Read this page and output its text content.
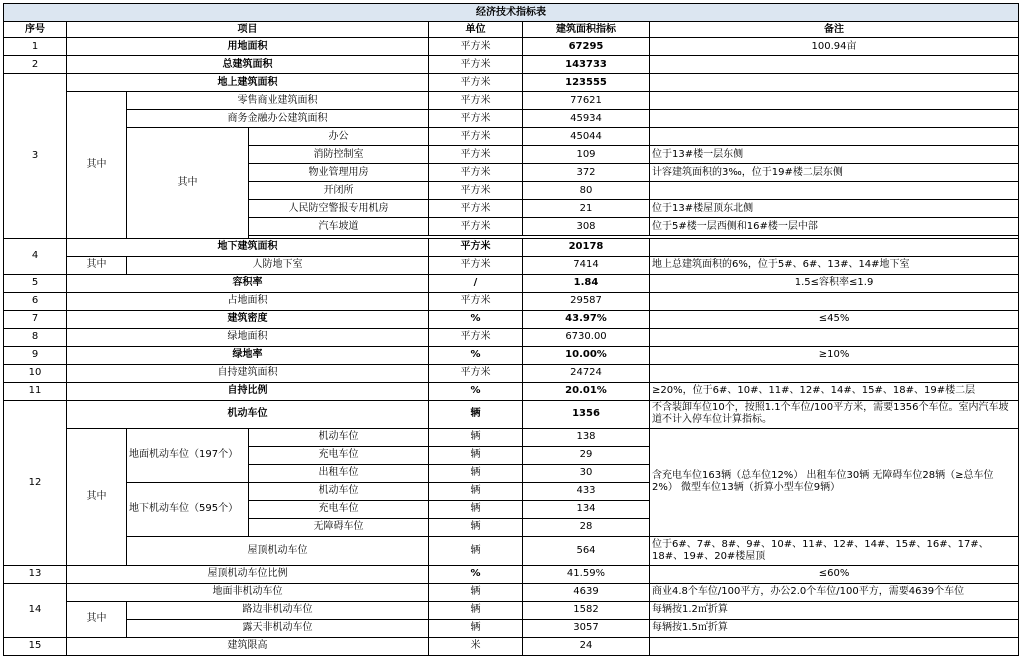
经济技术指标表						
序号	项目			单位	建筑面积指标	备注
1	用地面积			平方米	67295	100.94亩
2	总建筑面积			平方米	143733	
3	地上建筑面积			平方米	123555	
	其中	零售商业建筑面积		平方米	77621	
		商务金融办公建筑面积		平方米	45934	
		其中	办公	平方米	45044	
			消防控制室	平方米	109	位于13#楼一层东侧
			物业管理用房	平方米	372	计容建筑面积的3‰，位于19#楼二层东侧
			开闭所	平方米	80	
			人民防空警报专用机房	平方米	21	位于13#楼屋顶东北侧
			汽车坡道	平方米	308	位于5#楼一层西侧和16#楼一层中部

4	地下建筑面积			平方米	20178	
	其中	人防地下室		平方米	7414	地上总建筑面积的6%，位于5#、6#、13#、14#地下室
5	容积率			/	1.84	1.5≤容积率≤1.9
6	占地面积			平方米	29587	
7	建筑密度			%	43.97%	≤45%
8	绿地面积			平方米	6730.00	
9	绿地率			%	10.00%	≥10%
10	自持建筑面积			平方米	24724	
11	自持比例			%	20.01%	≥20%，位于6#、10#、11#、12#、14#、15#、18#、19#楼二层
12	机动车位			辆	1356	不含装卸车位10个，按照1.1个车位/100平方米，需要1356个车位。室内汽车坡道不计入停车位计算指标。
	其中	地面机动车位（197个）	机动车位	辆	138	含充电车位163辆（总车位12%） 出租车位30辆 无障碍车位28辆（≥总车位2%） 微型车位13辆（折算小型车位9辆）
			充电车位	辆	29	
			出租车位	辆	30	
		地下机动车位（595个）	机动车位	辆	433	
			充电车位	辆	134	
			无障碍车位	辆	28	
		屋顶机动车位		辆	564	位于6#、7#、8#、9#、10#、11#、12#、14#、15#、16#、17#、18#、19#、20#楼屋顶

13	屋顶机动车位比例			%	41.59%	≤60%
14	地面非机动车位			辆	4639	商业4.8个车位/100平方，办公2.0个车位/100平方，需要4639个车位
	其中	路边非机动车位		辆	1582	每辆按1.2㎡折算
		露天非机动车位		辆	3057	每辆按1.5㎡折算
15	建筑限高			米	24	
